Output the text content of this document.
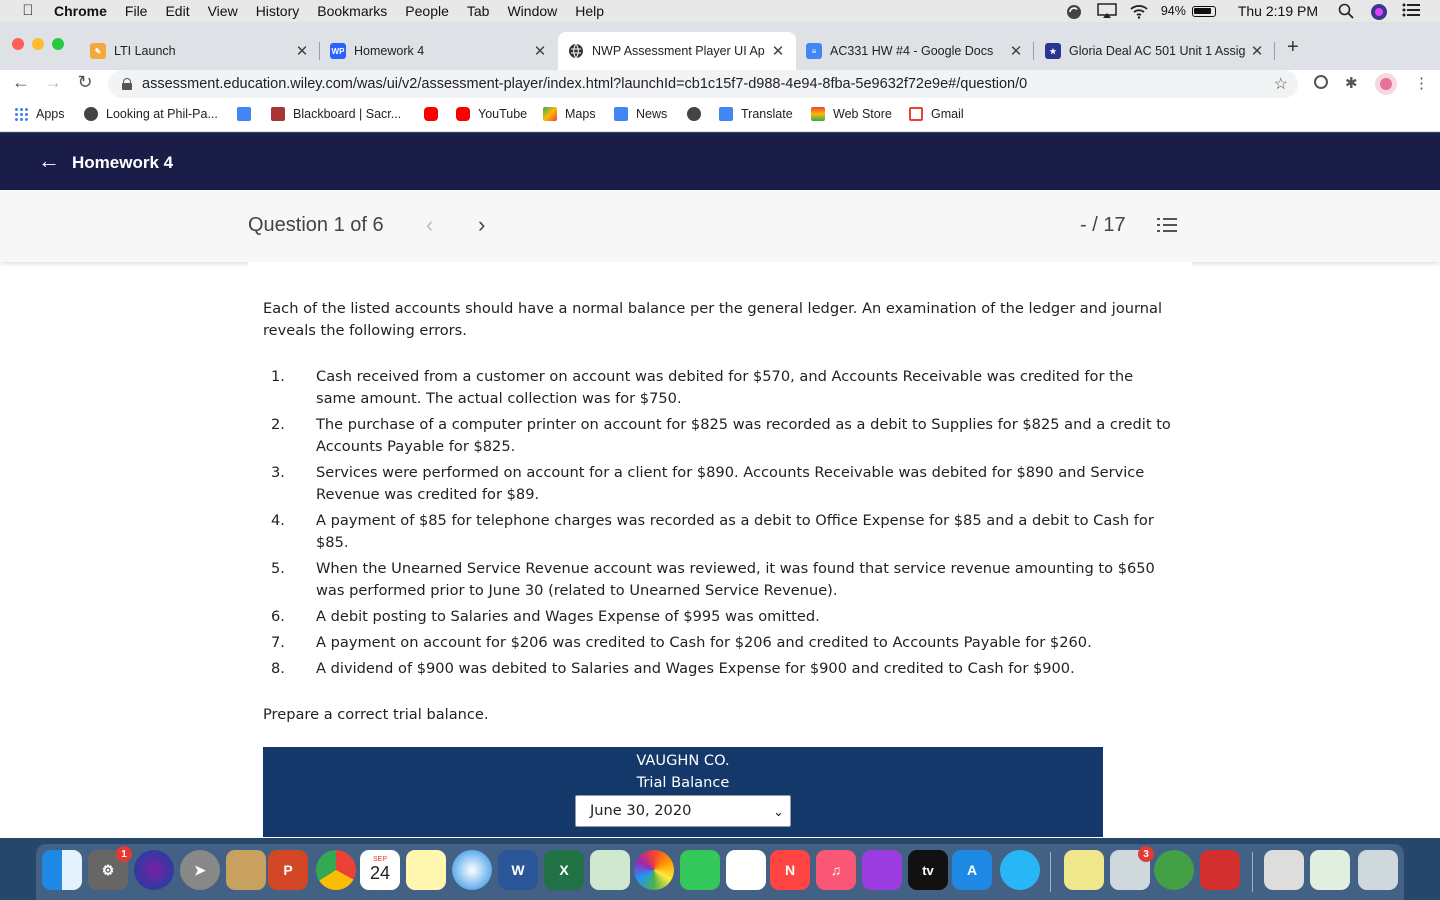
Chrome File Edit View History Bookmarks People Tab Window Help	94%	Thu 2:19 PM
✎	LTI Launch	✕	WP Homework 4	✕	NWP Assessment Player UI Ap ✕	≡	AC331 HW #4 - Google Docs	✕	★ Gloria Deal AC 501 Unit 1 Assig ✕ +
← → ↻	assessment.education.wiley.com/was/ui/v2/assessment-player/index.html?launchId=cb1c15f7-d988-4e94-8fba-5e9632f72e9e#/question/0	☆	✱	⋮
Apps	Looking at Phil-Pa...	Blackboard | Sacr...	YouTube	Maps	News	Translate	Web Store	Gmail
← Homework 4
Question 1 of 6 ‹ ›	- / 17
Each of the listed accounts should have a normal balance per the general ledger. An examination of the ledger and journal reveals the following errors.
1.	Cash received from a customer on account was debited for $570, and Accounts Receivable was credited for the same amount. The actual collection was for $750.
2.	The purchase of a computer printer on account for $825 was recorded as a debit to Supplies for $825 and a credit to Accounts Payable for $825.
3.	Services were performed on account for a client for $890. Accounts Receivable was debited for $890 and Service Revenue was credited for $89.
4.	A payment of $85 for telephone charges was recorded as a debit to Office Expense for $85 and a debit to Cash for $85.
5.	When the Unearned Service Revenue account was reviewed, it was found that service revenue amounting to $650 was performed prior to June 30 (related to Unearned Service Revenue).
6.	A debit posting to Salaries and Wages Expense of $995 was omitted.
7.	A payment on account for $206 was credited to Cash for $206 and credited to Accounts Payable for $260.
8.	A dividend of $900 was debited to Salaries and Wages Expense for $900 and credited to Cash for $900.
Prepare a correct trial balance.
VAUGHN CO.
Trial Balance
June 30, 2020	⌄
⚙
1
➤	P
SEP
24	W	X	N	♫	tv	A
3
